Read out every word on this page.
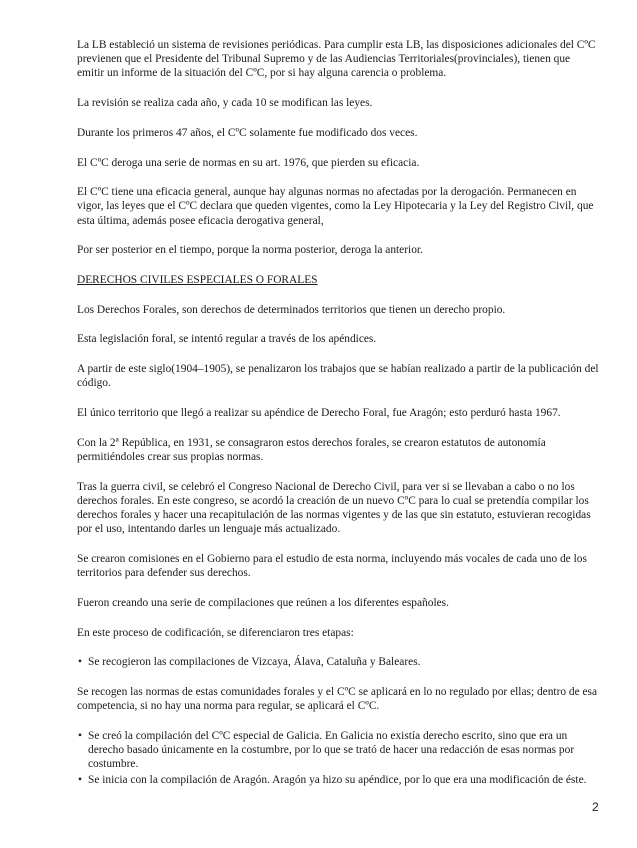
La LB estableció un sistema de revisiones periódicas. Para cumplir esta LB, las disposiciones adicionales del CºC previenen que el Presidente del Tribunal Supremo y de las Audiencias Territoriales(provinciales), tienen que emitir un informe de la situación del CºC, por si hay alguna carencia o problema.

La revisión se realiza cada año, y cada 10 se modifican las leyes.

Durante los primeros 47 años, el CºC solamente fue modificado dos veces.

El CºC deroga una serie de normas en su art. 1976, que pierden su eficacia.

El CºC tiene una eficacia general, aunque hay algunas normas no afectadas por la derogación. Permanecen en vigor, las leyes que el CºC declara que queden vigentes, como la Ley Hipotecaria y la Ley del Registro Civil, que esta última, además posee eficacia derogativa general,

Por ser posterior en el tiempo, porque la norma posterior, deroga la anterior.

DERECHOS CIVILES ESPECIALES O FORALES

Los Derechos Forales, son derechos de determinados territorios que tienen un derecho propio.

Esta legislación foral, se intentó regular a través de los apéndices.

A partir de este siglo(1904–1905), se penalizaron los trabajos que se habían realizado a partir de la publicación del código.

El único territorio que llegó a realizar su apéndice de Derecho Foral, fue Aragón; esto perduró hasta 1967.

Con la 2ª República, en 1931, se consagraron estos derechos forales, se crearon estatutos de autonomía permitiéndoles crear sus propias normas.

Tras la guerra civil, se celebró el Congreso Nacional de Derecho Civil, para ver si se llevaban a cabo o no los derechos forales. En este congreso, se acordó la creación de un nuevo CºC para lo cual se pretendía compilar los derechos forales y hacer una recapitulación de las normas vigentes y de las que sin estatuto, estuvieran recogidas por el uso, intentando darles un lenguaje más actualizado.

Se crearon comisiones en el Gobierno para el estudio de esta norma, incluyendo más vocales de cada uno de los territorios para defender sus derechos.

Fueron creando una serie de compilaciones que reúnen a los diferentes españoles.

En este proceso de codificación, se diferenciaron tres etapas:

• Se recogieron las compilaciones de Vizcaya, Álava, Cataluña y Baleares.

Se recogen las normas de estas comunidades forales y el CºC se aplicará en lo no regulado por ellas; dentro de esa competencia, si no hay una norma para regular, se aplicará el CºC.

• Se creó la compilación del CºC especial de Galicia. En Galicia no existía derecho escrito, sino que era un derecho basado únicamente en la costumbre, por lo que se trató de hacer una redacción de esas normas por costumbre.
• Se inicia con la compilación de Aragón. Aragón ya hizo su apéndice, por lo que era una modificación de éste.
2
